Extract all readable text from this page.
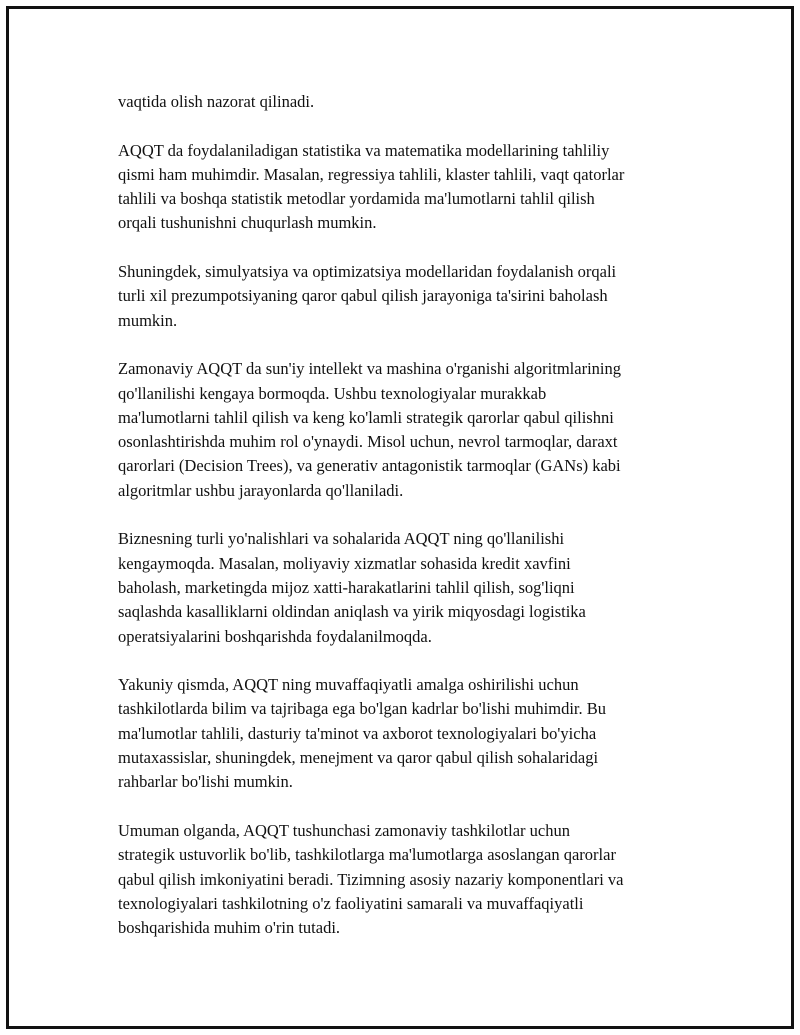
vaqtida olish nazorat qilinadi.

AQQT da foydalaniladigan statistika va matematika modellarining tahliliy
qismi ham muhimdir. Masalan, regressiya tahlili, klaster tahlili, vaqt qatorlar
tahlili va boshqa statistik metodlar yordamida ma'lumotlarni tahlil qilish
orqali tushunishni chuqurlash mumkin.

Shuningdek, simulyatsiya va optimizatsiya modellaridan foydalanish orqali
turli xil prezumpotsiyaning qaror qabul qilish jarayoniga ta'sirini baholash
mumkin.

Zamonaviy AQQT da sun'iy intellekt va mashina o'rganishi algoritmlarining
qo'llanilishi kengaya bormoqda. Ushbu texnologiyalar murakkab
ma'lumotlarni tahlil qilish va keng ko'lamli strategik qarorlar qabul qilishni
osonlashtirishda muhim rol o'ynaydi. Misol uchun, nevrol tarmoqlar, daraxt
qarorlari (Decision Trees), va generativ antagonistik tarmoqlar (GANs) kabi
algoritmlar ushbu jarayonlarda qo'llaniladi.

Biznesning turli yo'nalishlari va sohalarida AQQT ning qo'llanilishi
kengaymoqda. Masalan, moliyaviy xizmatlar sohasida kredit xavfini
baholash, marketingda mijoz xatti-harakatlarini tahlil qilish, sog'liqni
saqlashda kasalliklarni oldindan aniqlash va yirik miqyosdagi logistika
operatsiyalarini boshqarishda foydalanilmoqda.

Yakuniy qismda, AQQT ning muvaffaqiyatli amalga oshirilishi uchun
tashkilotlarda bilim va tajribaga ega bo'lgan kadrlar bo'lishi muhimdir. Bu
ma'lumotlar tahlili, dasturiy ta'minot va axborot texnologiyalari bo'yicha
mutaxassislar, shuningdek, menejment va qaror qabul qilish sohalaridagi
rahbarlar bo'lishi mumkin.

Umuman olganda, AQQT tushunchasi zamonaviy tashkilotlar uchun
strategik ustuvorlik bo'lib, tashkilotlarga ma'lumotlarga asoslangan qarorlar
qabul qilish imkoniyatini beradi. Tizimning asosiy nazariy komponentlari va
texnologiyalari tashkilotning o'z faoliyatini samarali va muvaffaqiyatli
boshqarishida muhim o'rin tutadi.
